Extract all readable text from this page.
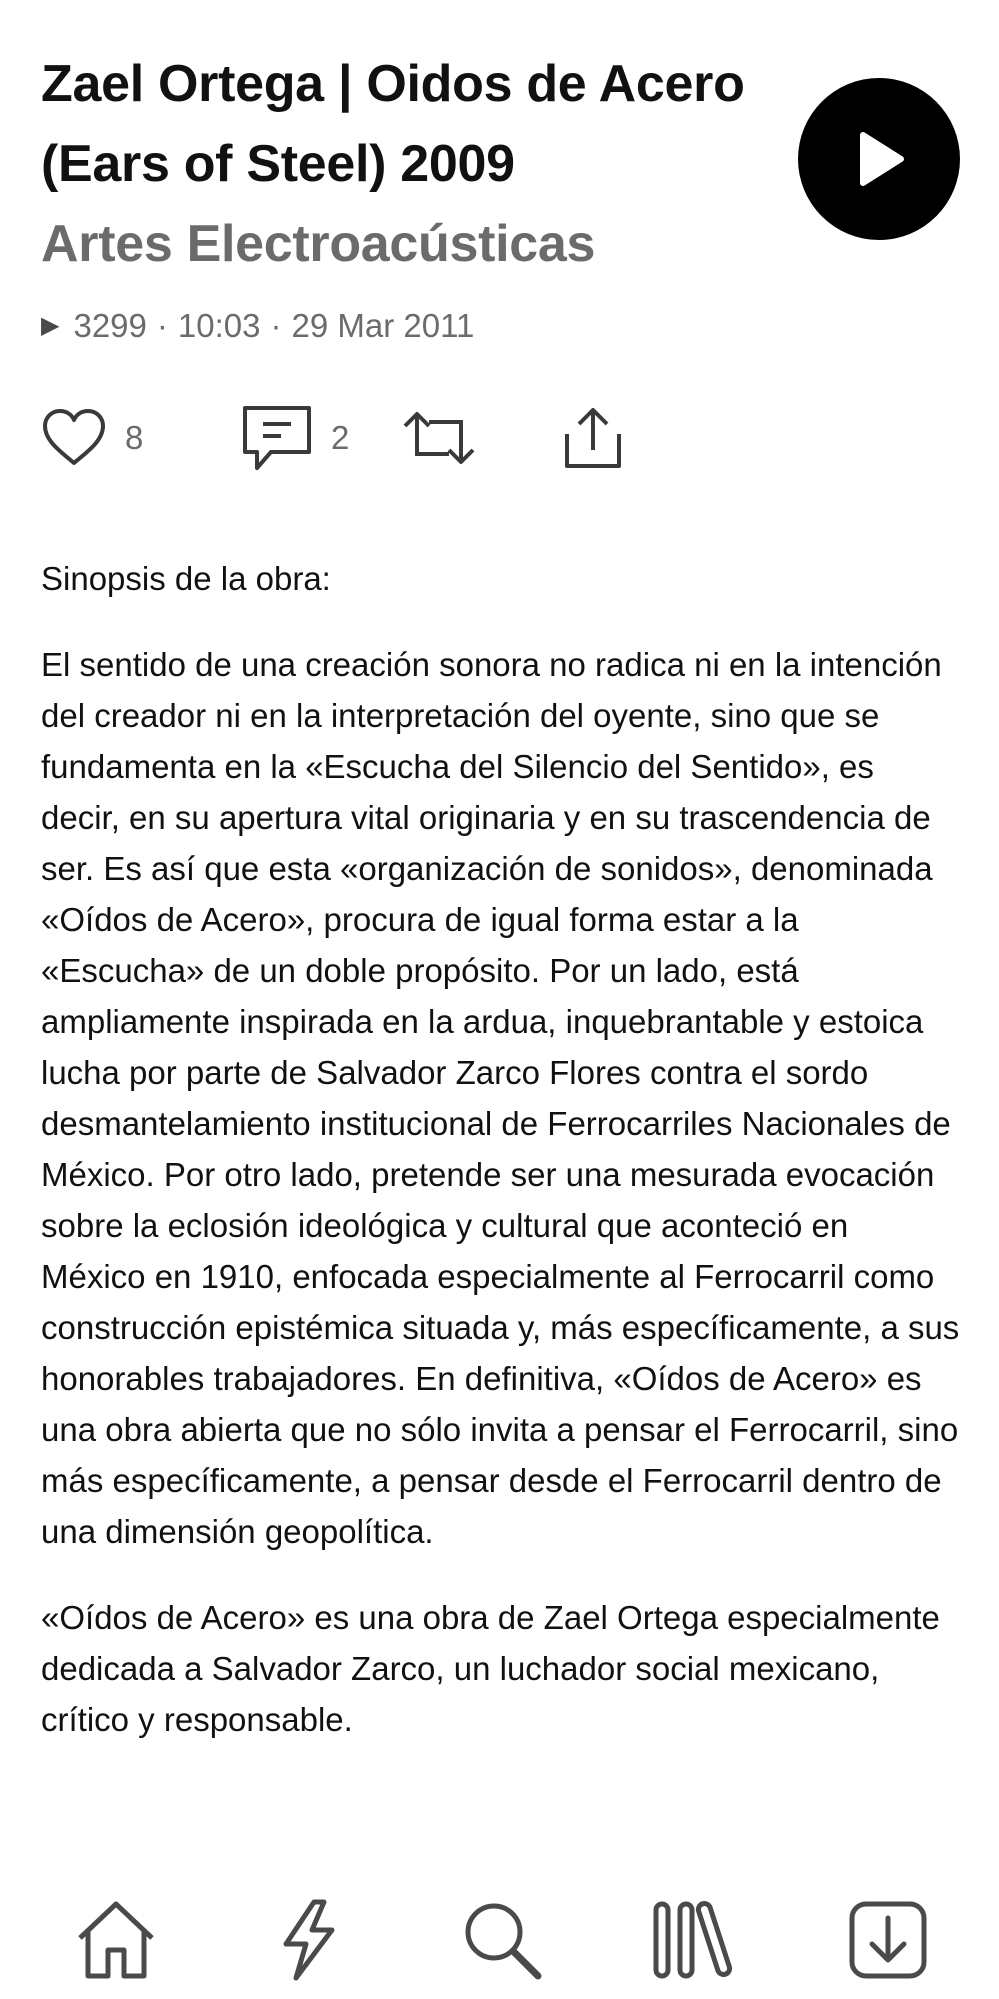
Zael Ortega | Oidos de Acero (Ears of Steel) 2009
Artes Electroacústicas
▶ 3299 · 10:03 · 29 Mar 2011
8	2

Sinopsis de la obra:

El sentido de una creación sonora no radica ni en la intención del creador ni en la interpretación del oyente, sino que se fundamenta en la «Escucha del Silencio del Sentido», es decir, en su apertura vital originaria y en su trascendencia de ser. Es así que esta «organización de sonidos», denominada «Oídos de Acero», procura de igual forma estar a la «Escucha» de un doble propósito. Por un lado, está ampliamente inspirada en la ardua, inquebrantable y estoica lucha por parte de Salvador Zarco Flores contra el sordo desmantelamiento institucional de Ferrocarriles Nacionales de México. Por otro lado, pretende ser una mesurada evocación sobre la eclosión ideológica y cultural que aconteció en México en 1910, enfocada especialmente al Ferrocarril como construcción epistémica situada y, más específicamente, a sus honorables trabajadores. En definitiva, «Oídos de Acero» es una obra abierta que no sólo invita a pensar el Ferrocarril, sino más específicamente, a pensar desde el Ferrocarril dentro de una dimensión geopolítica.

«Oídos de Acero» es una obra de Zael Ortega especialmente dedicada a Salvador Zarco, un luchador social mexicano, crítico y responsable.
